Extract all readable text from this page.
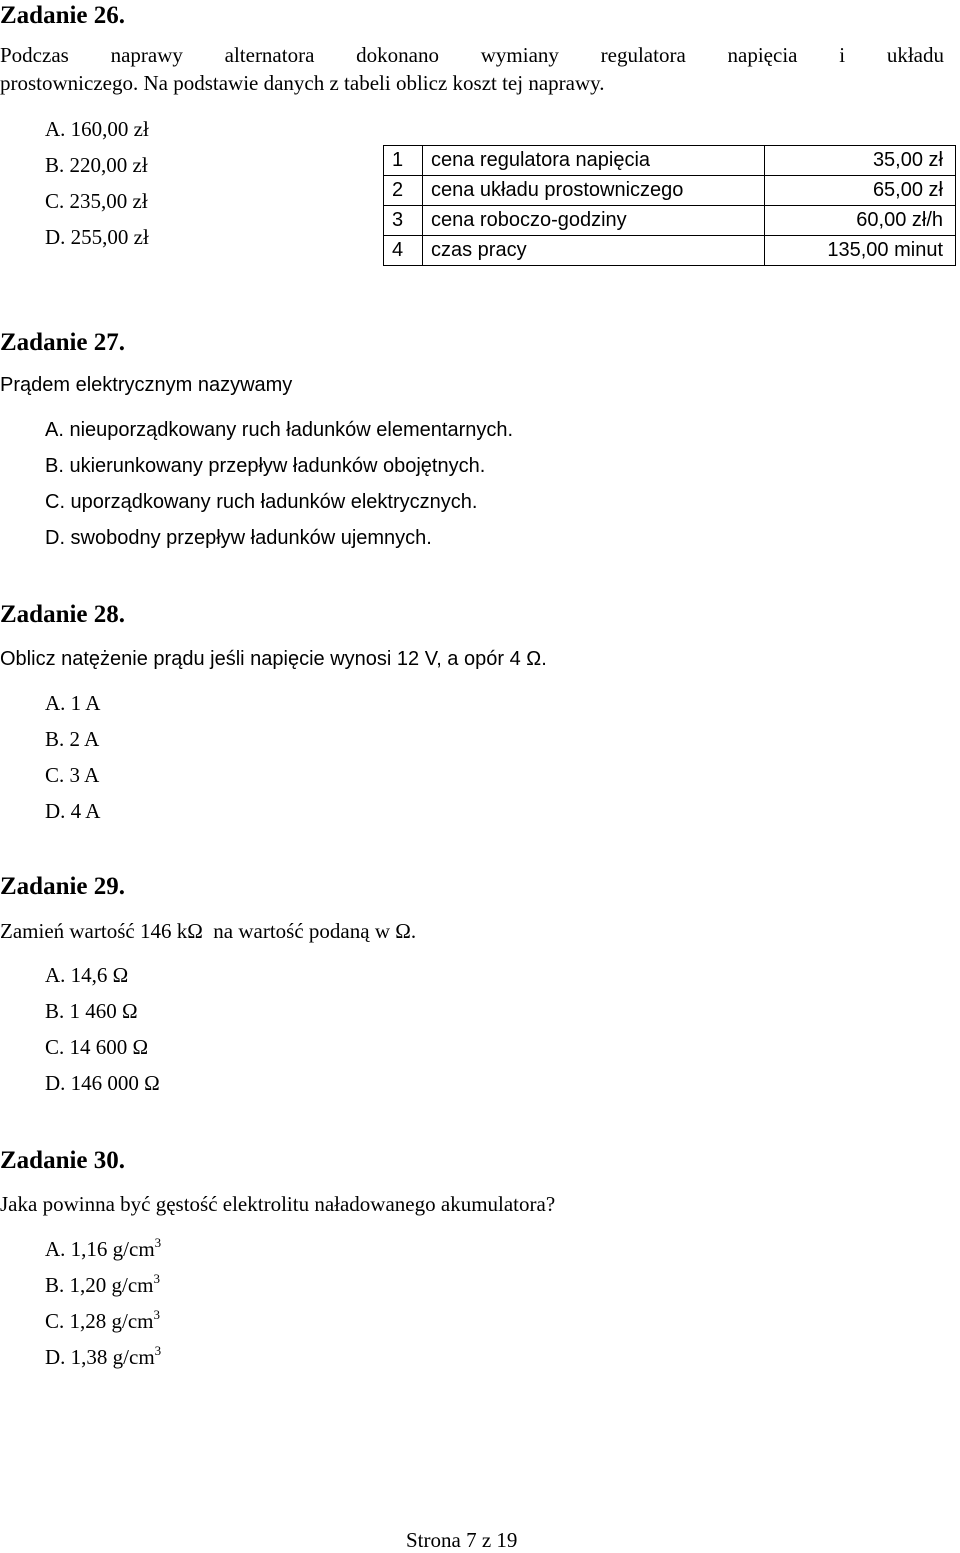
Zadanie 26.
Podczas naprawy alternatora dokonano wymiany regulatora napięcia i układu
prostowniczego. Na podstawie danych z tabeli oblicz koszt tej naprawy.
A. 160,00 zł
B. 220,00 zł
C. 235,00 zł
D. 255,00 zł
1	cena regulatora napięcia	35,00 zł
2	cena układu prostowniczego	65,00 zł
3	cena roboczo-godziny	60,00 zł/h
4	czas pracy	135,00 minut
Zadanie 27.
Prądem elektrycznym nazywamy
A. nieuporządkowany ruch ładunków elementarnych.
B. ukierunkowany przepływ ładunków obojętnych.
C. uporządkowany ruch ładunków elektrycznych.
D. swobodny przepływ ładunków ujemnych.
Zadanie 28.
Oblicz natężenie prądu jeśli napięcie wynosi 12 V, a opór 4 Ω.
A. 1 A
B. 2 A
C. 3 A
D. 4 A
Zadanie 29.
Zamień wartość 146 kΩ  na wartość podaną w Ω.
A. 14,6 Ω
B. 1 460 Ω
C. 14 600 Ω
D. 146 000 Ω
Zadanie 30.
Jaka powinna być gęstość elektrolitu naładowanego akumulatora?
A. 1,16 $g/cm^3$
B. 1,20 $g/cm^3$
C. 1,28 $g/cm^3$
D. 1,38 $g/cm^3$
Strona 7 z 19
